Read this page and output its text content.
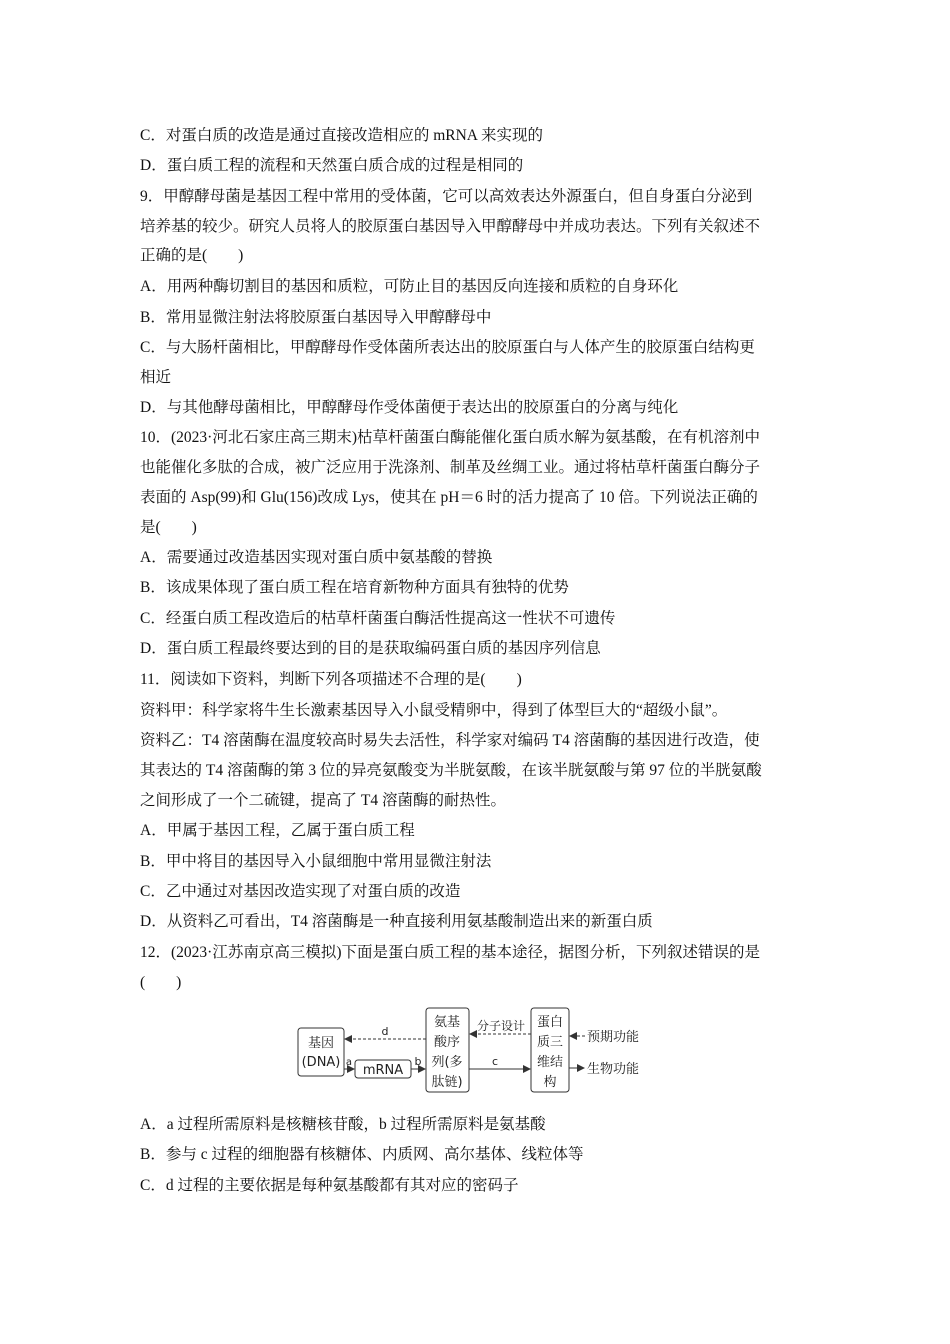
C．对蛋白质的改造是通过直接改造相应的 mRNA 来实现的
D．蛋白质工程的流程和天然蛋白质合成的过程是相同的
9．甲醇酵母菌是基因工程中常用的受体菌，它可以高效表达外源蛋白，但自身蛋白分泌到
培养基的较少。研究人员将人的胶原蛋白基因导入甲醇酵母中并成功表达。下列有关叙述不
正确的是(　　)
A．用两种酶切割目的基因和质粒，可防止目的基因反向连接和质粒的自身环化
B．常用显微注射法将胶原蛋白基因导入甲醇酵母中
C．与大肠杆菌相比，甲醇酵母作受体菌所表达出的胶原蛋白与人体产生的胶原蛋白结构更
相近
D．与其他酵母菌相比，甲醇酵母作受体菌便于表达出的胶原蛋白的分离与纯化
10．(2023·河北石家庄高三期末)枯草杆菌蛋白酶能催化蛋白质水解为氨基酸，在有机溶剂中
也能催化多肽的合成，被广泛应用于洗涤剂、制革及丝绸工业。通过将枯草杆菌蛋白酶分子
表面的 Asp(99)和 Glu(156)改成 Lys，使其在 pH＝6 时的活力提高了 10 倍。下列说法正确的
是(　　)
A．需要通过改造基因实现对蛋白质中氨基酸的替换
B．该成果体现了蛋白质工程在培育新物种方面具有独特的优势
C．经蛋白质工程改造后的枯草杆菌蛋白酶活性提高这一性状不可遗传
D．蛋白质工程最终要达到的目的是获取编码蛋白质的基因序列信息
11．阅读如下资料，判断下列各项描述不合理的是(　　)
资料甲：科学家将牛生长激素基因导入小鼠受精卵中，得到了体型巨大的“超级小鼠”。
资料乙：T4 溶菌酶在温度较高时易失去活性，科学家对编码 T4 溶菌酶的基因进行改造，使
其表达的 T4 溶菌酶的第 3 位的异亮氨酸变为半胱氨酸，在该半胱氨酸与第 97 位的半胱氨酸
之间形成了一个二硫键，提高了 T4 溶菌酶的耐热性。
A．甲属于基因工程，乙属于蛋白质工程
B．甲中将目的基因导入小鼠细胞中常用显微注射法
C．乙中通过对基因改造实现了对蛋白质的改造
D．从资料乙可看出，T4 溶菌酶是一种直接利用氨基酸制造出来的新蛋白质
12．(2023·江苏南京高三模拟)下面是蛋白质工程的基本途径，据图分析，下列叙述错误的是
(　　)
基因
(DNA)
mRNA
氨基
酸序
列(多
肽链)
蛋白
质三
维结
构
a	b	c
d	分子设计
预期功能
生物功能
A．a 过程所需原料是核糖核苷酸，b 过程所需原料是氨基酸
B．参与 c 过程的细胞器有核糖体、内质网、高尔基体、线粒体等
C．d 过程的主要依据是每种氨基酸都有其对应的密码子
